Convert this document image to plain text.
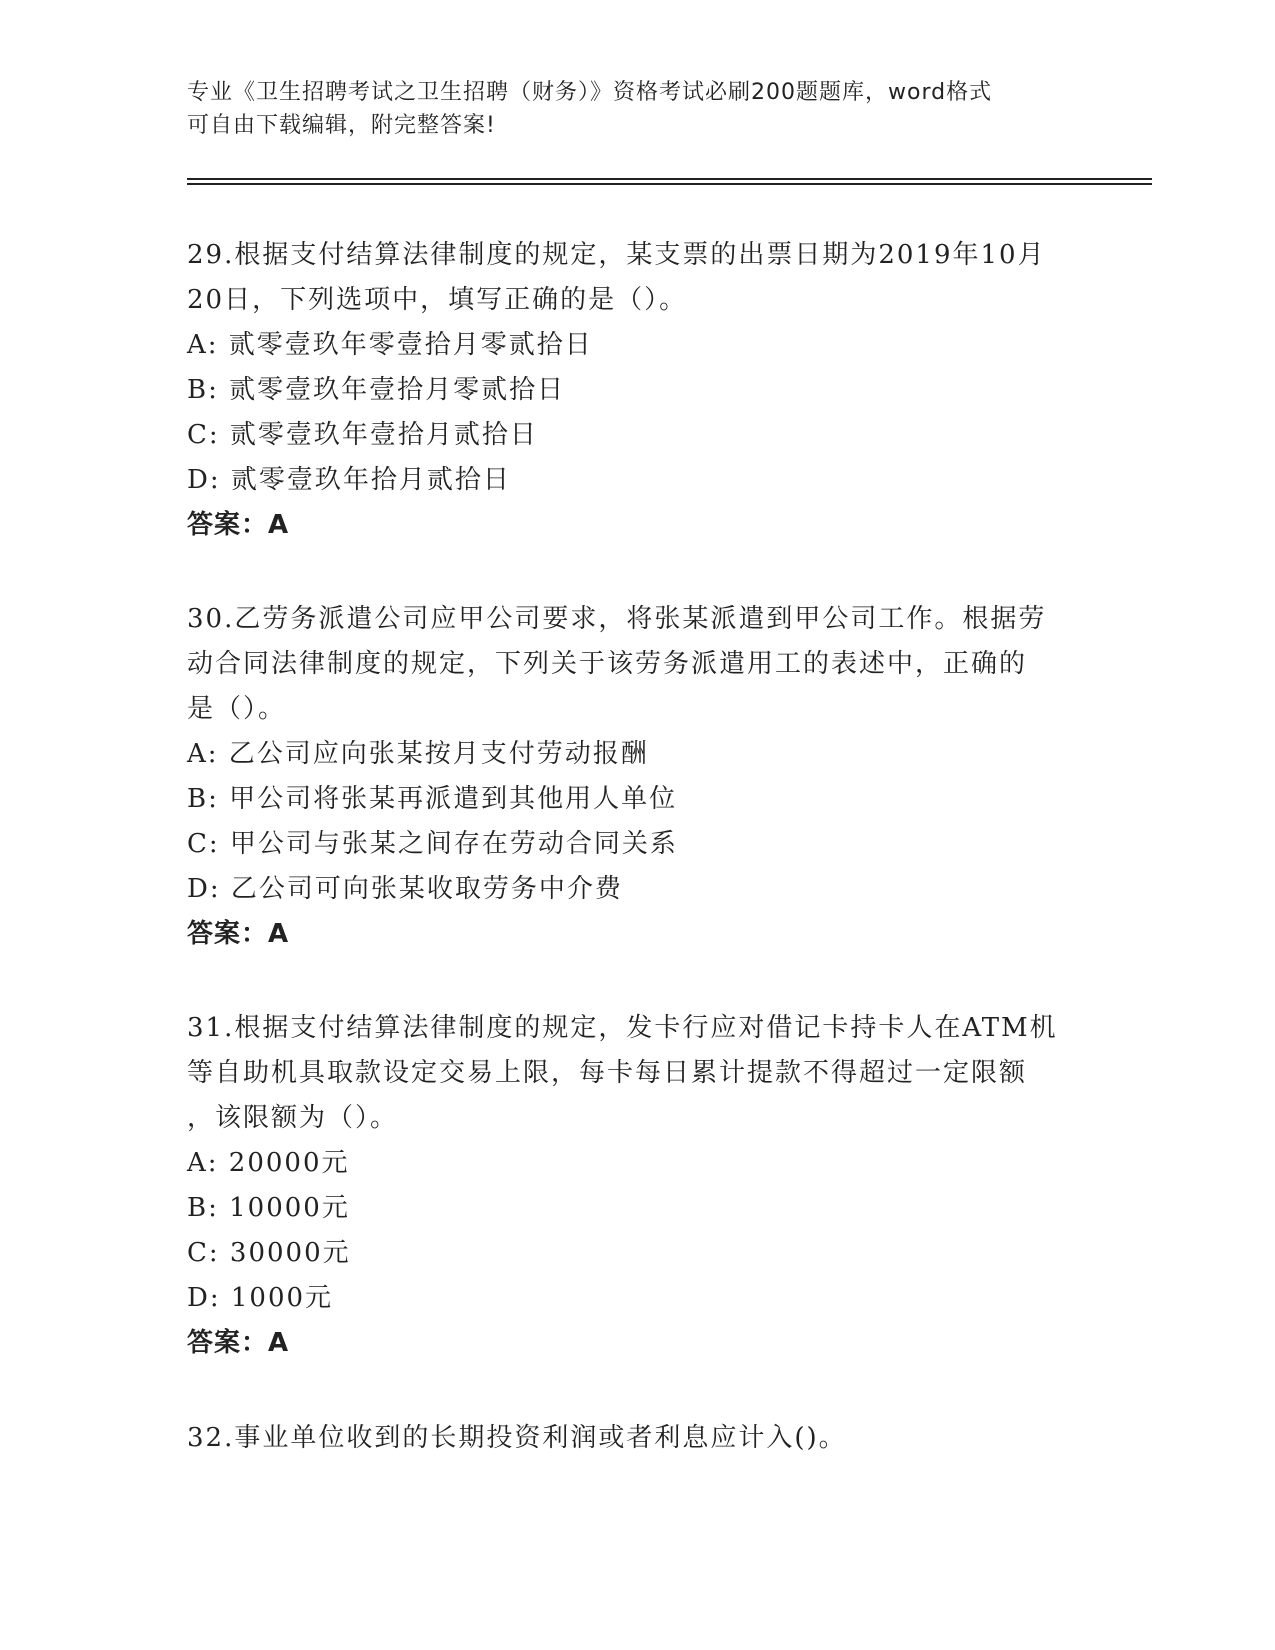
专业《卫生招聘考试之卫生招聘（财务）》资格考试必刷200题题库，word格式
可自由下载编辑，附完整答案!

29.根据支付结算法律制度的规定，某支票的出票日期为2019年10月

20日，下列选项中，填写正确的是（）。

A: 贰零壹玖年零壹拾月零贰拾日

B: 贰零壹玖年壹拾月零贰拾日

C: 贰零壹玖年壹拾月贰拾日

D: 贰零壹玖年拾月贰拾日

答案：A

30.乙劳务派遣公司应甲公司要求，将张某派遣到甲公司工作。根据劳

动合同法律制度的规定，下列关于该劳务派遣用工的表述中，正确的

是（）。

A: 乙公司应向张某按月支付劳动报酬

B: 甲公司将张某再派遣到其他用人单位

C: 甲公司与张某之间存在劳动合同关系

D: 乙公司可向张某收取劳务中介费

答案：A

31.根据支付结算法律制度的规定，发卡行应对借记卡持卡人在ATM机

等自助机具取款设定交易上限，每卡每日累计提款不得超过一定限额

，该限额为（）。

A: 20000元

B: 10000元

C: 30000元

D: 1000元

答案：A

32.事业单位收到的长期投资利润或者利息应计入()。
